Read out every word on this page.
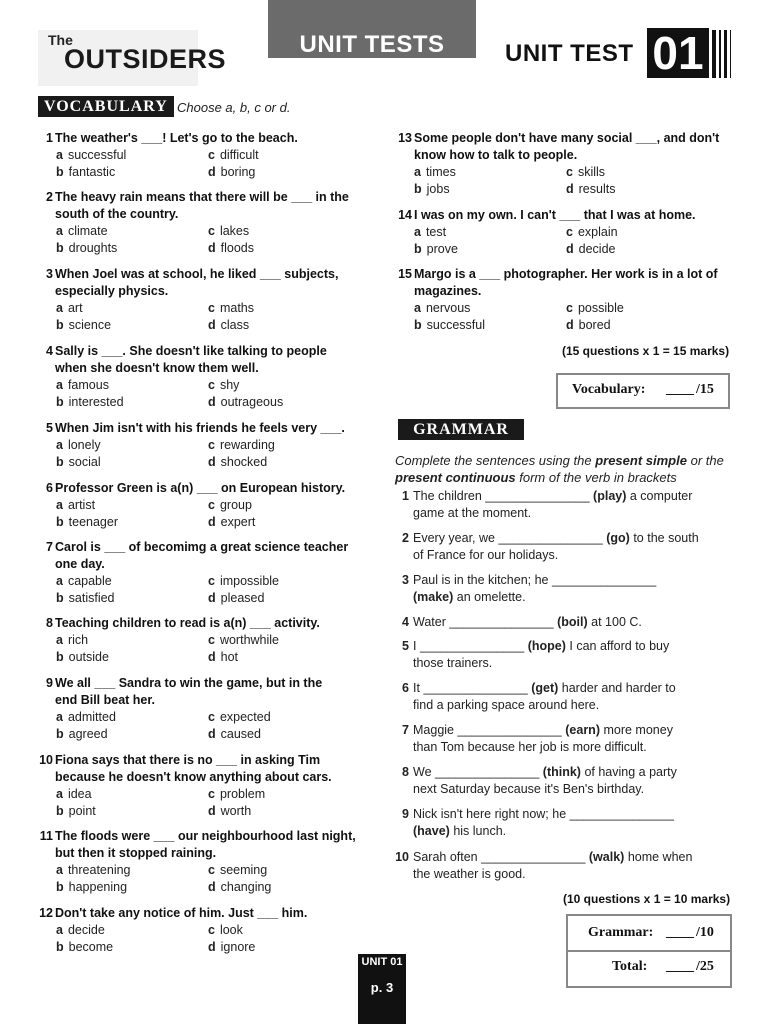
The
OUTSIDERS	UNIT TESTS	UNIT TEST 01
VOCABULARY Choose a, b, c or d.
1 The weather's ___! Let's go to the beach.
a successful	c difficult
b fantastic	d boring
2 The heavy rain means that there will be ___ in the
south of the country.
a climate	c lakes
b droughts	d floods
3 When Joel was at school, he liked ___ subjects,
especially physics.
a art	c maths
b science	d class
4 Sally is ___. She doesn't like talking to people
when she doesn't know them well.
a famous	c shy
b interested	d outrageous
5 When Jim isn't with his friends he feels very ___.
a lonely	c rewarding
b social	d shocked
6 Professor Green is a(n) ___ on European history.
a artist	c group
b teenager	d expert
7 Carol is ___ of becomimg a great science teacher
one day.
a capable	c impossible
b satisfied	d pleased
8 Teaching children to read is a(n) ___ activity.
a rich	c worthwhile
b outside	d hot
9 We all ___ Sandra to win the game, but in the
end Bill beat her.
a admitted	c expected
b agreed	d caused
10 Fiona says that there is no ___ in asking Tim
because he doesn't know anything about cars.
a idea	c problem
b point	d worth
11 The floods were ___ our neighbourhood last night,
but then it stopped raining.
a threatening	c seeming
b happening	d changing
12 Don't take any notice of him. Just ___ him.
a decide	c look
b become	d ignore
13 Some people don't have many social ___, and don't
know how to talk to people.
a times	c skills
b jobs	d results
14 I was on my own. I can't ___ that I was at home.
a test	c explain
b prove	d decide
15 Margo is a ___ photographer. Her work is in a lot of
magazines.
a nervous	c possible
b successful	d bored
(15 questions x 1 = 15 marks)
Vocabulary: ____ /15
GRAMMAR
Complete the sentences using the present simple or the present continuous form of the verb in brackets
1 The children _______________ (play) a computer
game at the moment.
2 Every year, we _______________ (go) to the south
of France for our holidays.
3 Paul is in the kitchen; he _______________
(make) an omelette.
4 Water _______________ (boil) at 100 C.
5 I _______________ (hope) I can afford to buy
those trainers.
6 It _______________ (get) harder and harder to
find a parking space around here.
7 Maggie _______________ (earn) more money
than Tom because her job is more difficult.
8 We _______________ (think) of having a party
next Saturday because it's Ben's birthday.
9 Nick isn't here right now; he _______________
(have) his lunch.
10 Sarah often _______________ (walk) home when
the weather is good.
(10 questions x 1 = 10 marks)
Grammar: ____ /10
Total: ____ /25
UNIT 01
p. 3
